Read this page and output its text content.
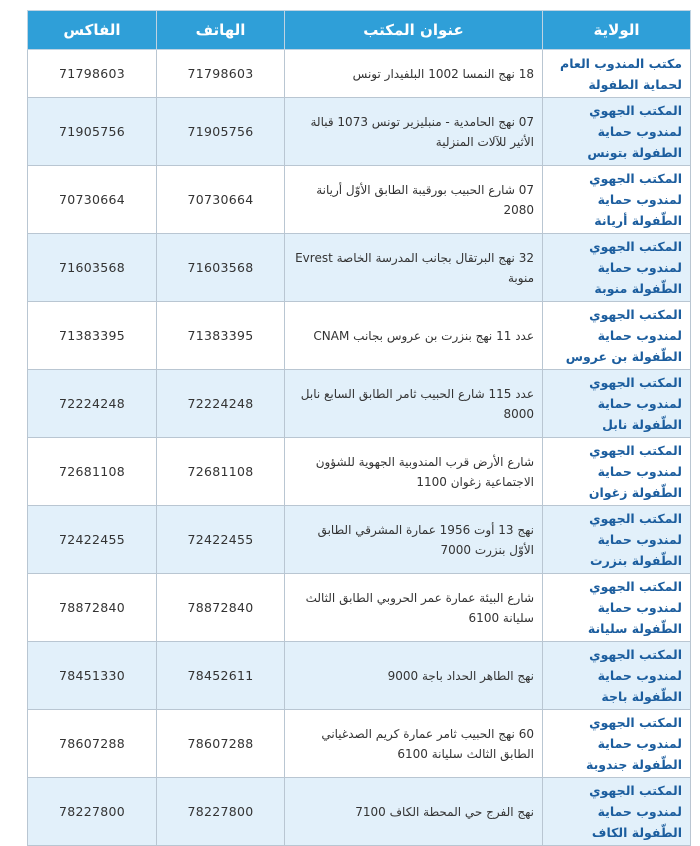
الولاية	عنوان المكتب	الهاتف	الفاكس
مكتب المندوب العام لحماية الطفولة	18 نهج النمسا 1002 البلفيدار تونس	71798603	71798603
المكتب الجهوي لمندوب حماية الطفولة بتونس	07 نهج الحامدية - منبليزير تونس 1073 قبالة الأثير للآلات المنزلية	71905756	71905756
المكتب الجهوي لمندوب حماية الطّفولة أريانة	07 شارع الحبيب بورقيبة الطابق الأوّل أريانة 2080	70730664	70730664
المكتب الجهوي لمندوب حماية الطّفولة منوبة	32 نهج البرتقال بجانب المدرسة الخاصة Evrest منوبة	71603568	71603568
المكتب الجهوي لمندوب حماية الطّفولة بن عروس	عدد 11 نهج بنزرت بن عروس بجانب CNAM	71383395	71383395
المكتب الجهوي لمندوب حماية الطّفولة نابل	عدد 115 شارع الحبيب ثامر الطابق السابع نابل 8000	72224248	72224248
المكتب الجهوي لمندوب حماية الطّفولة زغوان	شارع الأرض قرب المندوبية الجهوية للشؤون الاجتماعية زغوان 1100	72681108	72681108
المكتب الجهوي لمندوب حماية الطّفولة بنزرت	نهج 13 أوت 1956 عمارة المشرقي الطابق الأوّل بنزرت 7000	72422455	72422455
المكتب الجهوي لمندوب حماية الطّفولة سليانة	شارع البيئة عمارة عمر الحروبي الطابق الثالث سليانة 6100	78872840	78872840
المكتب الجهوي لمندوب حماية الطّفولة باجة	نهج الطاهر الحداد باجة 9000	78452611	78451330
المكتب الجهوي لمندوب حماية الطّفولة جندوبة	60 نهج الحبيب ثامر عمارة كريم الصدغياني الطابق الثالث سليانة 6100	78607288	78607288
المكتب الجهوي لمندوب حماية الطّفولة الكاف	نهج الفرج حي المحطة الكاف 7100	78227800	78227800
